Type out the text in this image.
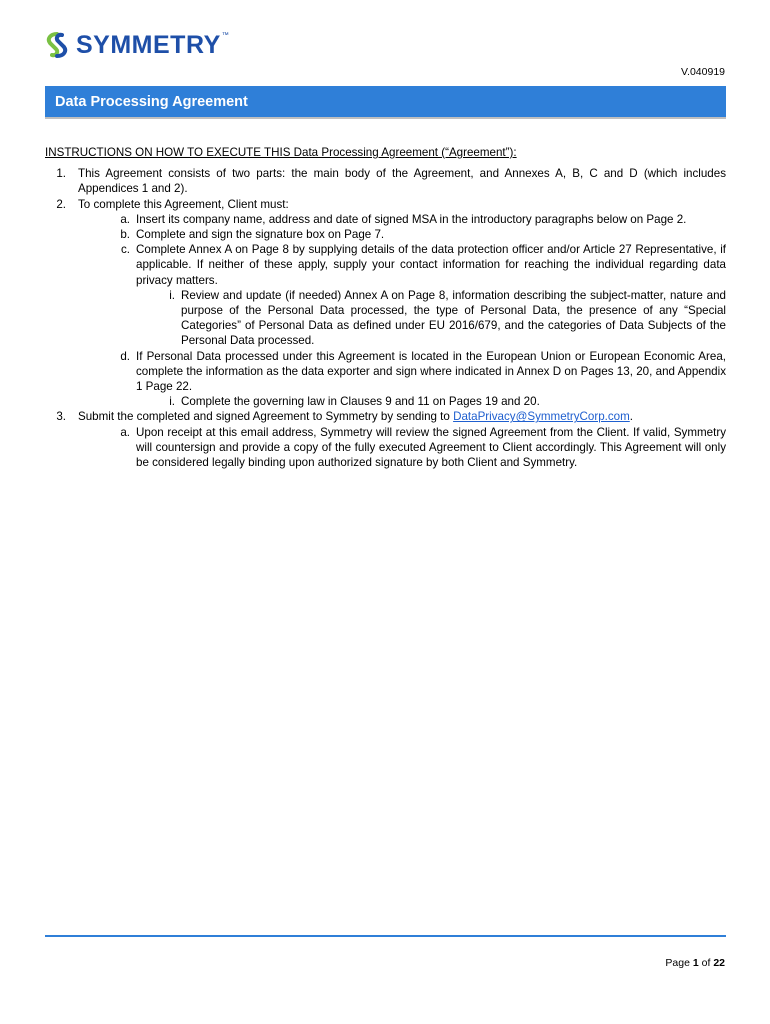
SYMMETRY ™
V.040919
Data Processing Agreement
INSTRUCTIONS ON HOW TO EXECUTE THIS Data Processing Agreement (“Agreement”):
1.	This Agreement consists of two parts: the main body of the Agreement, and Annexes A, B, C and D (which includes Appendices 1 and 2).
2.	To complete this Agreement, Client must:
a. Insert its company name, address and date of signed MSA in the introductory paragraphs below on Page 2.
b. Complete and sign the signature box on Page 7.
c. Complete Annex A on Page 8 by supplying details of the data protection officer and/or Article 27 Representative, if applicable. If neither of these apply, supply your contact information for reaching the individual regarding data privacy matters.
i. Review and update (if needed) Annex A on Page 8, information describing the subject-matter, nature and purpose of the Personal Data processed, the type of Personal Data, the presence of any “Special Categories” of Personal Data as defined under EU 2016/679, and the categories of Data Subjects of the Personal Data processed.
d. If Personal Data processed under this Agreement is located in the European Union or European Economic Area, complete the information as the data exporter and sign where indicated in Annex D on Pages 13, 20, and Appendix 1 Page 22.
i. Complete the governing law in Clauses 9 and 11 on Pages 19 and 20.
3.	Submit the completed and signed Agreement to Symmetry by sending to DataPrivacy@SymmetryCorp.com.
a. Upon receipt at this email address, Symmetry will review the signed Agreement from the Client. If valid, Symmetry will countersign and provide a copy of the fully executed Agreement to Client accordingly. This Agreement will only be considered legally binding upon authorized signature by both Client and Symmetry.
Page 1 of 22
